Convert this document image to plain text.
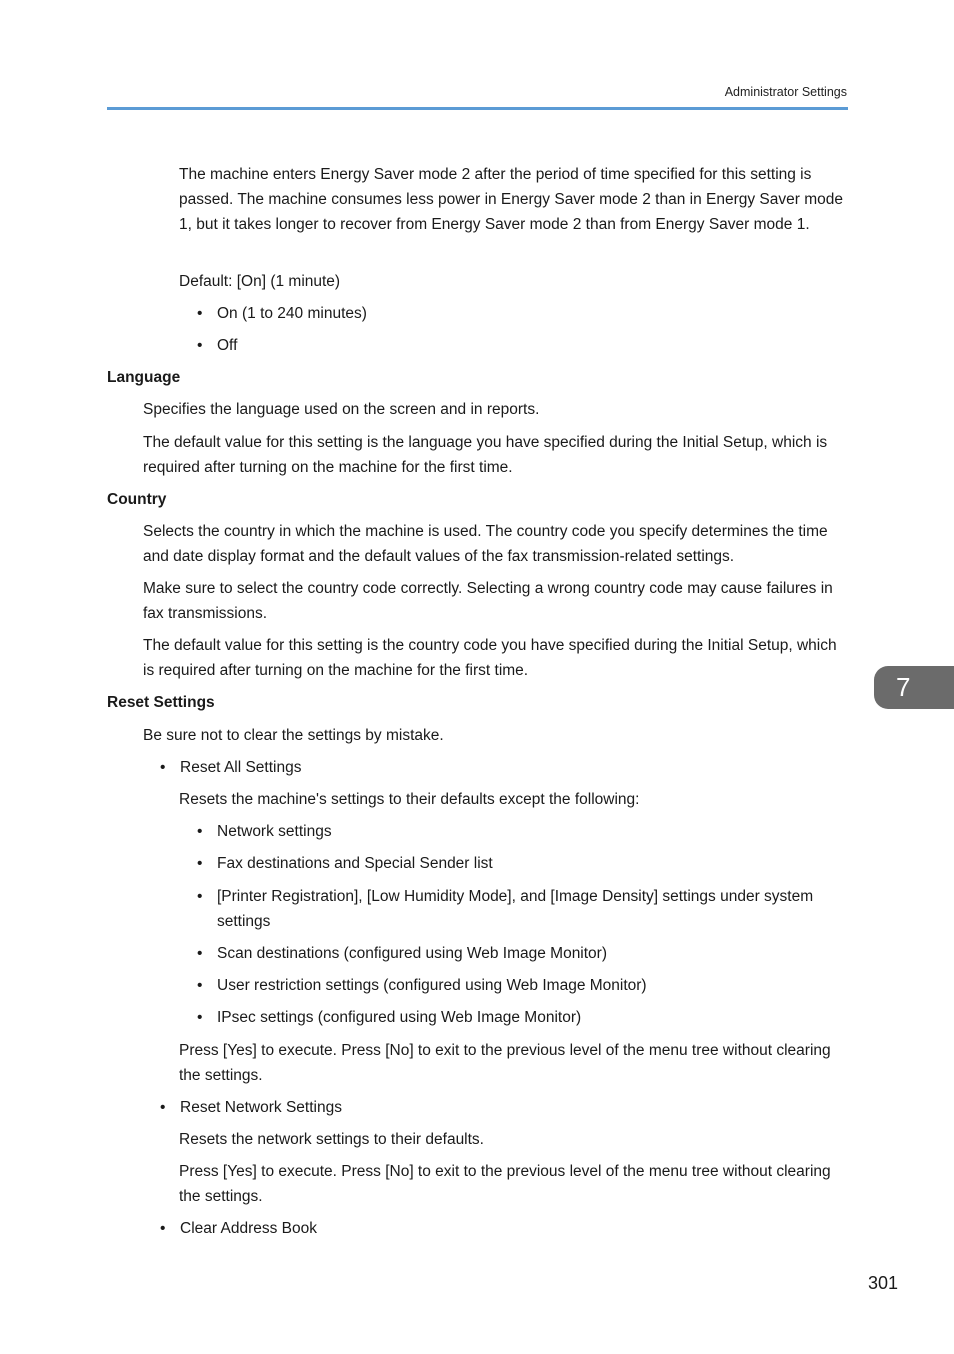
Administrator Settings

The machine enters Energy Saver mode 2 after the period of time specified for this setting is passed. The machine consumes less power in Energy Saver mode 2 than in Energy Saver mode 1, but it takes longer to recover from Energy Saver mode 2 than from Energy Saver mode 1.

Default: [On] (1 minute)

• On (1 to 240 minutes)
• Off
Language

Specifies the language used on the screen and in reports.

The default value for this setting is the language you have specified during the Initial Setup, which is required after turning on the machine for the first time.

Country

Selects the country in which the machine is used. The country code you specify determines the time and date display format and the default values of the fax transmission-related settings.

Make sure to select the country code correctly. Selecting a wrong country code may cause failures in fax transmissions.

The default value for this setting is the country code you have specified during the Initial Setup, which is required after turning on the machine for the first time.

7
Reset Settings

Be sure not to clear the settings by mistake.

• Reset All Settings

Resets the machine's settings to their defaults except the following:

• Network settings
• Fax destinations and Special Sender list
• [Printer Registration], [Low Humidity Mode], and [Image Density] settings under system settings
• Scan destinations (configured using Web Image Monitor)
• User restriction settings (configured using Web Image Monitor)
• IPsec settings (configured using Web Image Monitor)

Press [Yes] to execute. Press [No] to exit to the previous level of the menu tree without clearing the settings.

• Reset Network Settings

Resets the network settings to their defaults.

Press [Yes] to execute. Press [No] to exit to the previous level of the menu tree without clearing the settings.

• Clear Address Book
301
